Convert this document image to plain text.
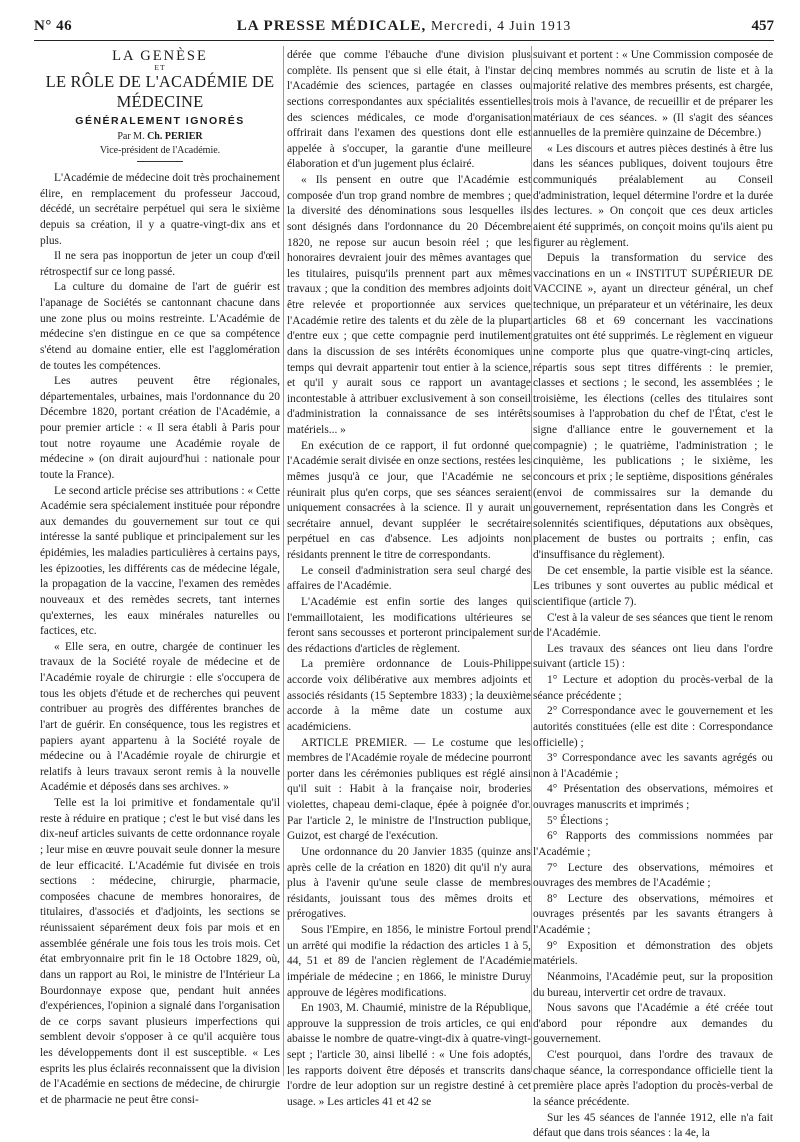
N° 46	LA PRESSE MÉDICALE, Mercredi, 4 Juin 1913	457
LA GENÈSE
ET
LE RÔLE DE L'ACADÉMIE DE MÉDECINE
GÉNÉRALEMENT IGNORÉS
Par M. Ch. PERIER
Vice-président de l'Académie.

L'Académie de médecine doit très prochainement élire, en remplacement du professeur Jaccoud, décédé, un secrétaire perpétuel qui sera le sixième depuis sa création, il y a quatre-vingt-dix ans et plus.

Il ne sera pas inopportun de jeter un coup d'œil rétrospectif sur ce long passé.

La culture du domaine de l'art de guérir est l'apanage de Sociétés se cantonnant chacune dans une zone plus ou moins restreinte. L'Académie de médecine s'en distingue en ce que sa compétence s'étend au domaine entier, elle est l'agglomération de toutes les compétences.

Les autres peuvent être régionales, départementales, urbaines, mais l'ordonnance du 20 Décembre 1820, portant création de l'Académie, a pour premier article : « Il sera établi à Paris pour tout notre royaume une Académie royale de médecine » (on dirait aujourd'hui : nationale pour toute la France).

Le second article précise ses attributions : « Cette Académie sera spécialement instituée pour répondre aux demandes du gouvernement sur tout ce qui intéresse la santé publique et principalement sur les épidémies, les maladies particulières à certains pays, les épizooties, les différents cas de médecine légale, la propagation de la vaccine, l'examen des remèdes nouveaux et des remèdes secrets, tant internes qu'externes, les eaux minérales naturelles ou factices, etc.

« Elle sera, en outre, chargée de continuer les travaux de la Société royale de médecine et de l'Académie royale de chirurgie : elle s'occupera de tous les objets d'étude et de recherches qui peuvent contribuer au progrès des différentes branches de l'art de guérir. En conséquence, tous les registres et papiers ayant appartenu à la Société royale de médecine ou à l'Académie royale de chirurgie et relatifs à leurs travaux seront remis à la nouvelle Académie et déposés dans ses archives. »

Telle est la loi primitive et fondamentale qu'il reste à réduire en pratique ; c'est le but visé dans les dix-neuf articles suivants de cette ordonnance royale ; leur mise en œuvre pouvait seule donner la mesure de leur efficacité. L'Académie fut divisée en trois sections : médecine, chirurgie, pharmacie, composées chacune de membres honoraires, de titulaires, d'associés et d'adjoints, les sections se réunissaient séparément deux fois par mois et en assemblée générale une fois tous les trois mois. Cet état embryonnaire prit fin le 18 Octobre 1829, où, dans un rapport au Roi, le ministre de l'Intérieur La Bourdonnaye expose que, pendant huit années d'expériences, l'opinion a signalé dans l'organisation de ce corps savant plusieurs imperfections qui semblent devoir s'opposer à ce qu'il acquière tous les développements dont il est susceptible. « Les esprits les plus éclairés reconnaissent que la division de l'Académie en sections de médecine, de chirurgie et de pharmacie ne peut être consi-

dérée que comme l'ébauche d'une division plus complète. Ils pensent que si elle était, à l'instar de l'Académie des sciences, partagée en classes ou sections correspondantes aux spécialités essentielles des sciences médicales, ce mode d'organisation offrirait dans l'examen des questions dont elle est appelée à s'occuper, la garantie d'une meilleure élaboration et d'un jugement plus éclairé.

« Ils pensent en outre que l'Académie est composée d'un trop grand nombre de membres ; que la diversité des dénominations sous lesquelles ils sont désignés dans l'ordonnance du 20 Décembre 1820, ne repose sur aucun besoin réel ; que les honoraires devraient jouir des mêmes avantages que les titulaires, puisqu'ils prennent part aux mêmes travaux ; que la condition des membres adjoints doit être relevée et proportionnée aux services que l'Académie retire des talents et du zèle de la plupart d'entre eux ; que cette compagnie perd inutilement dans la discussion de ses intérêts économiques un temps qui devrait appartenir tout entier à la science, et qu'il y aurait sous ce rapport un avantage incontestable à attribuer exclusivement à son conseil d'administration la connaissance de ses intérêts matériels... »

En exécution de ce rapport, il fut ordonné que l'Académie serait divisée en onze sections, restées les mêmes jusqu'à ce jour, que l'Académie ne se réunirait plus qu'en corps, que ses séances seraient uniquement consacrées à la science. Il y aurait un secrétaire annuel, devant suppléer le secrétaire perpétuel en cas d'absence. Les adjoints non résidants prennent le titre de correspondants.

Le conseil d'administration sera seul chargé des affaires de l'Académie.

L'Académie est enfin sortie des langes qui l'emmaillotaient, les modifications ultérieures se feront sans secousses et porteront principalement sur des rédactions d'articles de règlement.

La première ordonnance de Louis-Philippe accorde voix délibérative aux membres adjoints et associés résidants (15 Septembre 1833) ; la deuxième accorde à la même date un costume aux académiciens.

ARTICLE PREMIER. — Le costume que les membres de l'Académie royale de médecine pourront porter dans les cérémonies publiques est réglé ainsi qu'il suit : Habit à la française noir, broderies violettes, chapeau demi-claque, épée à poignée d'or. Par l'article 2, le ministre de l'Instruction publique, Guizot, est chargé de l'exécution.

Une ordonnance du 20 Janvier 1835 (quinze ans après celle de la création en 1820) dit qu'il n'y aura plus à l'avenir qu'une seule classe de membres résidants, jouissant tous des mêmes droits et prérogatives.

Sous l'Empire, en 1856, le ministre Fortoul prend un arrêté qui modifie la rédaction des articles 1 à 5, 44, 51 et 89 de l'ancien règlement de l'Académie impériale de médecine ; en 1866, le ministre Duruy approuve de légères modifications.

En 1903, M. Chaumié, ministre de la République, approuve la suppression de trois articles, ce qui en abaisse le nombre de quatre-vingt-dix à quatre-vingt-sept ; l'article 30, ainsi libellé : « Une fois adoptés, les rapports doivent être déposés et transcrits dans l'ordre de leur adoption sur un registre destiné à cet usage. » Les articles 41 et 42 se

suivant et portent : « Une Commission composée de cinq membres nommés au scrutin de liste et à la majorité relative des membres présents, est chargée, trois mois à l'avance, de recueillir et de préparer les matériaux de ces séances. » (Il s'agit des séances annuelles de la première quinzaine de Décembre.)

« Les discours et autres pièces destinés à être lus dans les séances publiques, doivent toujours être communiqués préalablement au Conseil d'administration, lequel détermine l'ordre et la durée des lectures. » On conçoit que ces deux articles aient été supprimés, on conçoit moins qu'ils aient pu figurer au règlement.

Depuis la transformation du service des vaccinations en un « INSTITUT SUPÉRIEUR DE VACCINE », ayant un directeur général, un chef technique, un préparateur et un vétérinaire, les deux articles 68 et 69 concernant les vaccinations gratuites ont été supprimés. Le règlement en vigueur ne comporte plus que quatre-vingt-cinq articles, répartis sous sept titres différents : le premier, classes et sections ; le second, les assemblées ; le troisième, les élections (celles des titulaires sont soumises à l'approbation du chef de l'État, c'est le signe d'alliance entre le gouvernement et la compagnie) ; le quatrième, l'administration ; le cinquième, les publications ; le sixième, les concours et prix ; le septième, dispositions générales (envoi de commissaires sur la demande du gouvernement, représentation dans les Congrès et solennités scientifiques, députations aux obsèques, placement de bustes ou portraits ; enfin, cas d'insuffisance du règlement).

De cet ensemble, la partie visible est la séance. Les tribunes y sont ouvertes au public médical et scientifique (article 7).

C'est à la valeur de ses séances que tient le renom de l'Académie.

Les travaux des séances ont lieu dans l'ordre suivant (article 15) :

1° Lecture et adoption du procès-verbal de la séance précédente ;

2° Correspondance avec le gouvernement et les autorités constituées (elle est dite : Correspondance officielle) ;

3° Correspondance avec les savants agrégés ou non à l'Académie ;

4° Présentation des observations, mémoires et ouvrages manuscrits et imprimés ;

5° Élections ;

6° Rapports des commissions nommées par l'Académie ;

7° Lecture des observations, mémoires et ouvrages des membres de l'Académie ;

8° Lecture des observations, mémoires et ouvrages présentés par les savants étrangers à l'Académie ;

9° Exposition et démonstration des objets matériels.

Néanmoins, l'Académie peut, sur la proposition du bureau, intervertir cet ordre de travaux.

Nous savons que l'Académie a été créée tout d'abord pour répondre aux demandes du gouvernement.

C'est pourquoi, dans l'ordre des travaux de chaque séance, la correspondance officielle tient la première place après l'adoption du procès-verbal de la séance précédente.

Sur les 45 séances de l'année 1912, elle n'a fait défaut que dans trois séances : la 4e, la
